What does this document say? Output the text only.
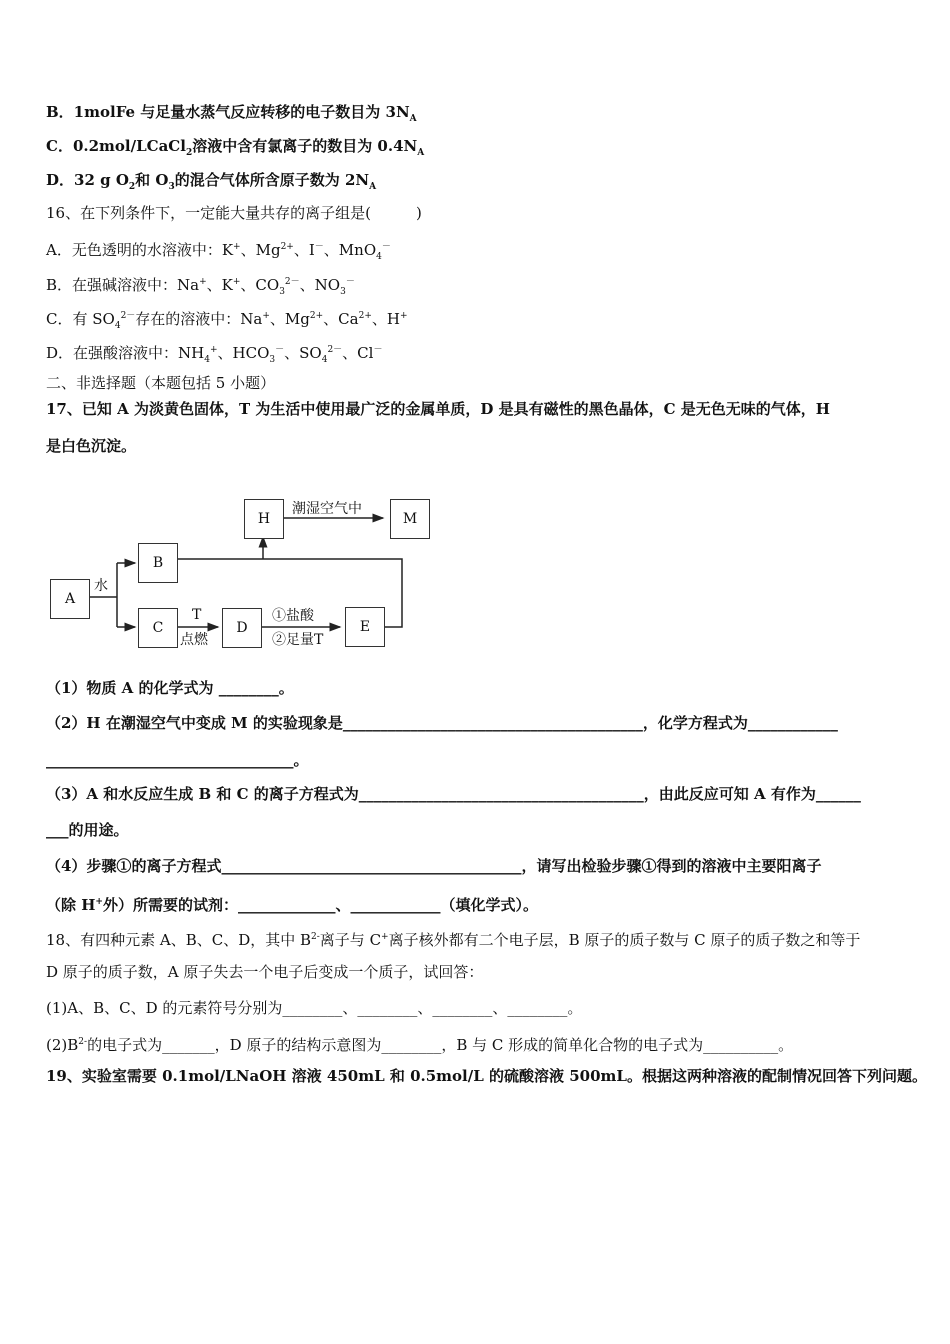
B．1molFe 与足量水蒸气反应转移的电子数目为 $3N_A$
C．0.2mol/LCaCl$_2$溶液中含有氯离子的数目为 $0.4N_A$
D．32 g $O_2$和 $O_3$的混合气体所含原子数为 $2N_A$
16、在下列条件下，一定能大量共存的离子组是(　　　)
A．无色透明的水溶液中：K+、$Mg^{2+}$、I－、MnO$_4$－
B．在强碱溶液中：Na+、K+、$CO_3^{2-}$、$NO_3^-$
C．有 $SO_4^{2-}$存在的溶液中：Na+、$Mg^{2+}$、$Ca^{2+}$、H+
D．在强酸溶液中：$NH_4^+$、$HCO_3^-$、$SO_4^{2-}$、Cl－
二、非选择题（本题包括 5 小题）
17、已知 A 为淡黄色固体，T 为生活中使用最广泛的金属单质，D 是具有磁性的黑色晶体，C 是无色无味的气体，H
是白色沉淀。
（1）物质 A 的化学式为 ________。
（2）H 在潮湿空气中变成 M 的实验现象是________________________________________，化学方程式为____________
_________________________________。
（3）A 和水反应生成 B 和 C 的离子方程式为______________________________________，由此反应可知 A 有作为______
___的用途。
（4）步骤①的离子方程式________________________________________，请写出检验步骤①得到的溶液中主要阳离子
（除 H+外）所需要的试剂：_____________、____________（填化学式）。
18、有四种元素 A、B、C、D，其中 $B^{2-}$离子与 C+离子核外都有二个电子层，B 原子的质子数与 C 原子的质子数之和等于
D 原子的质子数，A 原子失去一个电子后变成一个质子，试回答：
(1)A、B、C、D 的元素符号分别为________、________、________、________。
$(2)B^{2-}$的电子式为_______，D 原子的结构示意图为________，B 与 C 形成的简单化合物的电子式为__________。
19、实验室需要 0.1mol/LNaOH 溶液 450mL 和 0.5mol/L 的硫酸溶液 500mL。根据这两种溶液的配制情况回答下列问题。
A
B
C	D	E
H	M
水
T
点燃
①盐酸
②足量T
潮湿空气中
